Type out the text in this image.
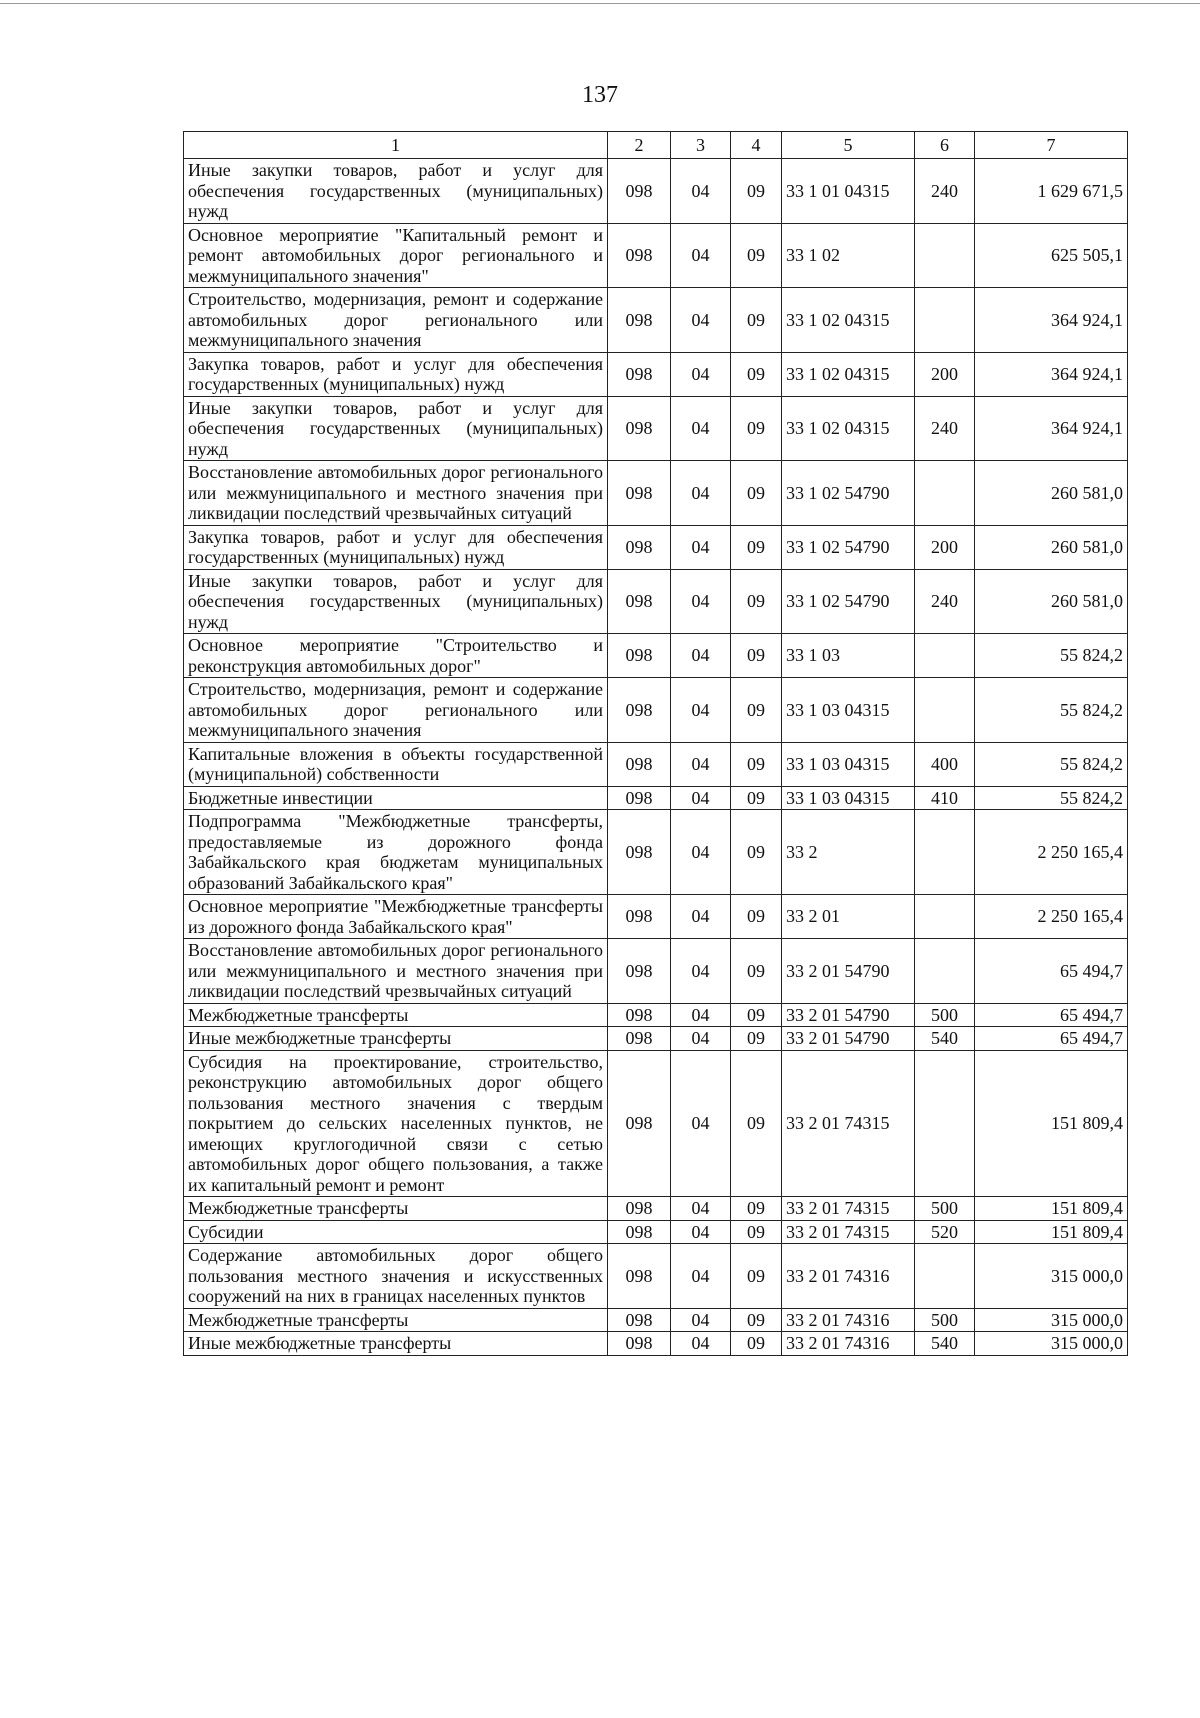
137
1	2	3	4	5	6	7
Иные закупки товаров, работ и услуг для обеспечения государственных (муниципальных) нужд	098	04	09	33 1 01 04315	240	1 629 671,5
Основное мероприятие "Капитальный ремонт и ремонт автомобильных дорог регионального и межмуниципального значения"	098	04	09	33 1 02		625 505,1
Строительство, модернизация, ремонт и содержание автомобильных дорог регионального или межмуниципального значения	098	04	09	33 1 02 04315		364 924,1
Закупка товаров, работ и услуг для обеспечения государственных (муниципальных) нужд	098	04	09	33 1 02 04315	200	364 924,1
Иные закупки товаров, работ и услуг для обеспечения государственных (муниципальных) нужд	098	04	09	33 1 02 04315	240	364 924,1
Восстановление автомобильных дорог регионального или межмуниципального и местного значения при ликвидации последствий чрезвычайных ситуаций	098	04	09	33 1 02 54790		260 581,0
Закупка товаров, работ и услуг для обеспечения государственных (муниципальных) нужд	098	04	09	33 1 02 54790	200	260 581,0
Иные закупки товаров, работ и услуг для обеспечения государственных (муниципальных) нужд	098	04	09	33 1 02 54790	240	260 581,0
Основное мероприятие "Строительство и реконструкция автомобильных дорог"	098	04	09	33 1 03		55 824,2
Строительство, модернизация, ремонт и содержание автомобильных дорог регионального или межмуниципального значения	098	04	09	33 1 03 04315		55 824,2
Капитальные вложения в объекты государственной (муниципальной) собственности	098	04	09	33 1 03 04315	400	55 824,2
Бюджетные инвестиции	098	04	09	33 1 03 04315	410	55 824,2
Подпрограмма "Межбюджетные трансферты, предоставляемые из дорожного фонда Забайкальского края бюджетам муниципальных образований Забайкальского края"	098	04	09	33 2		2 250 165,4
Основное мероприятие "Межбюджетные трансферты из дорожного фонда Забайкальского края"	098	04	09	33 2 01		2 250 165,4
Восстановление автомобильных дорог регионального или межмуниципального и местного значения при ликвидации последствий чрезвычайных ситуаций	098	04	09	33 2 01 54790		65 494,7
Межбюджетные трансферты	098	04	09	33 2 01 54790	500	65 494,7
Иные межбюджетные трансферты	098	04	09	33 2 01 54790	540	65 494,7
Субсидия на проектирование, строительство, реконструкцию автомобильных дорог общего пользования местного значения с твердым покрытием до сельских населенных пунктов, не имеющих круглогодичной связи с сетью автомобильных дорог общего пользования, а также их капитальный ремонт и ремонт	098	04	09	33 2 01 74315		151 809,4
Межбюджетные трансферты	098	04	09	33 2 01 74315	500	151 809,4
Субсидии	098	04	09	33 2 01 74315	520	151 809,4
Содержание автомобильных дорог общего пользования местного значения и искусственных сооружений на них в границах населенных пунктов	098	04	09	33 2 01 74316		315 000,0
Межбюджетные трансферты	098	04	09	33 2 01 74316	500	315 000,0
Иные межбюджетные трансферты	098	04	09	33 2 01 74316	540	315 000,0
